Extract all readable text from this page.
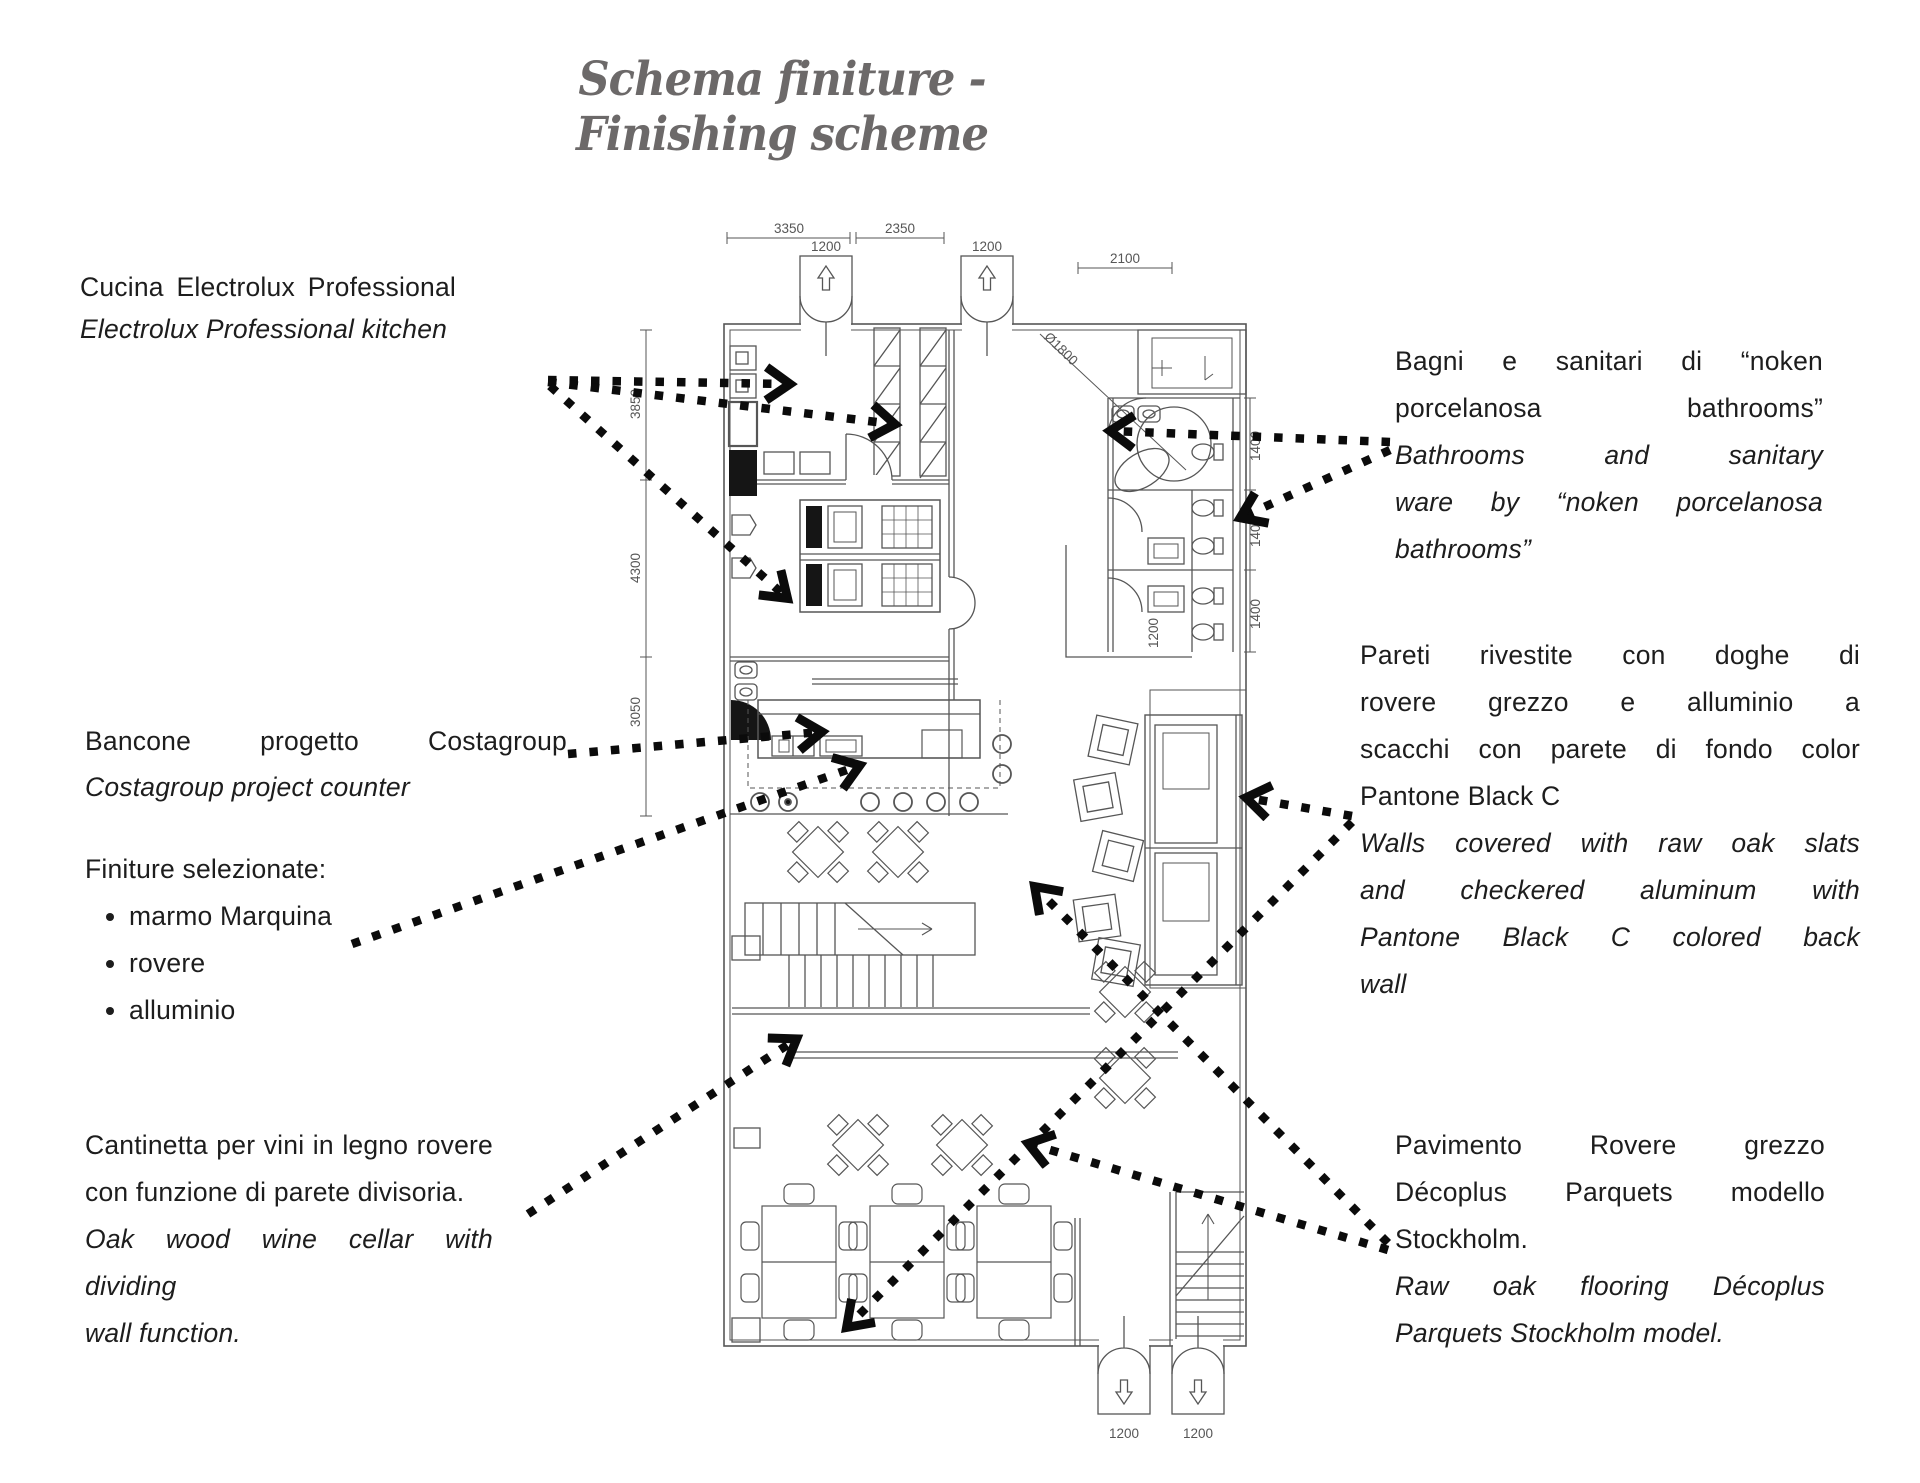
Schema finiture - Finishing scheme
3350	2350
2100
1200	1200
3850
4300
3050
1400
1400
1400
1200
Ø1800
1200	1200
Cucina Electrolux Professional
Electrolux Professional kitchen
Bancone progetto Costagroup
Costagroup project counter
Finiture selezionate:
• marmo Marquina
• rovere
• alluminio
Cantinetta per vini in legno rovere
con funzione di parete divisoria.
Oak wood wine cellar with dividing
wall function.
Bagni e sanitari di “noken
porcelanosa bathrooms”
Bathrooms and sanitary
ware by “noken porcelanosa
bathrooms”
Pareti rivestite con doghe di
rovere grezzo e alluminio a
scacchi con parete di fondo color
Pantone Black C
Walls covered with raw oak slats
and checkered aluminum with
Pantone Black C colored back
wall
Pavimento Rovere grezzo
Décoplus Parquets modello
Stockholm.
Raw oak flooring Décoplus
Parquets Stockholm model.
